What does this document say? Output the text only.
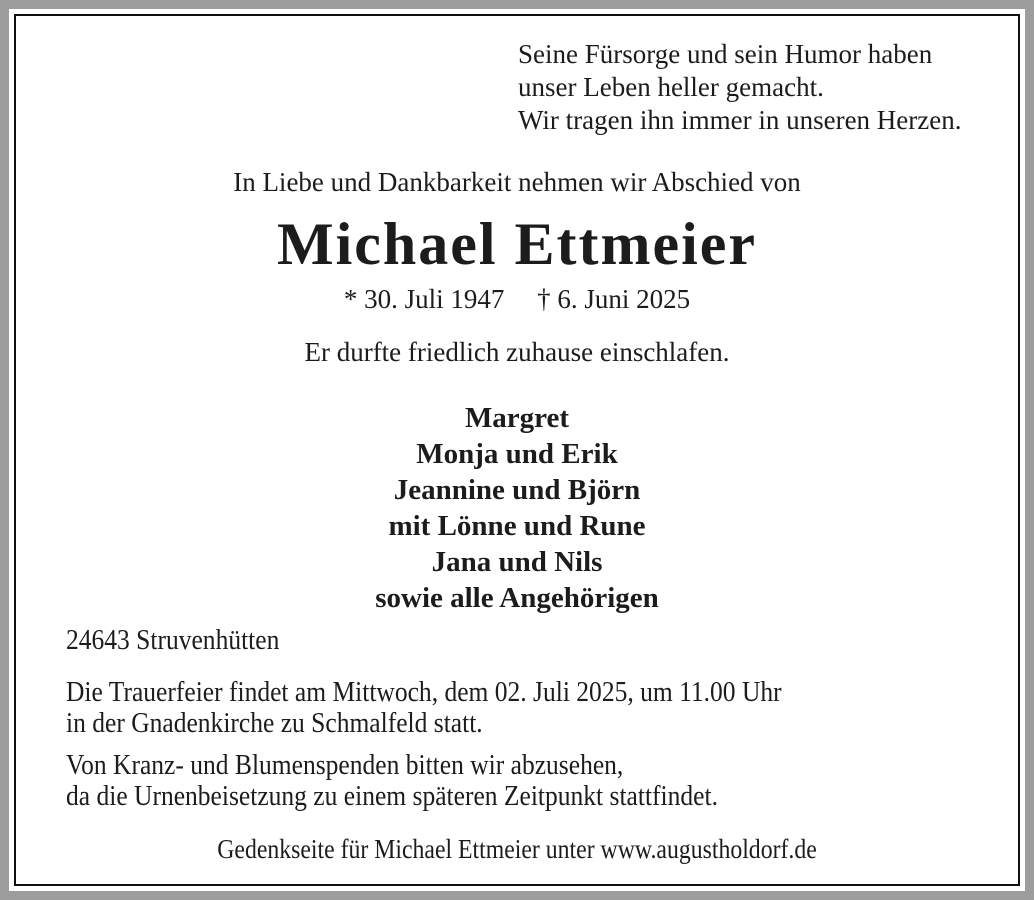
Seine Fürsorge und sein Humor haben
unser Leben heller gemacht.
Wir tragen ihn immer in unseren Herzen.
In Liebe und Dankbarkeit nehmen wir Abschied von
Michael Ettmeier
* 30. Juli 1947 † 6. Juni 2025
Er durfte friedlich zuhause einschlafen.
Margret
Monja und Erik
Jeannine und Björn
mit Lönne und Rune
Jana und Nils
sowie alle Angehörigen
24643 Struvenhütten
Die Trauerfeier findet am Mittwoch, dem 02. Juli 2025, um 11.00 Uhr
in der Gnadenkirche zu Schmalfeld statt.
Von Kranz- und Blumenspenden bitten wir abzusehen,
da die Urnenbeisetzung zu einem späteren Zeitpunkt stattfindet.
Gedenkseite für Michael Ettmeier unter www.augustholdorf.de
